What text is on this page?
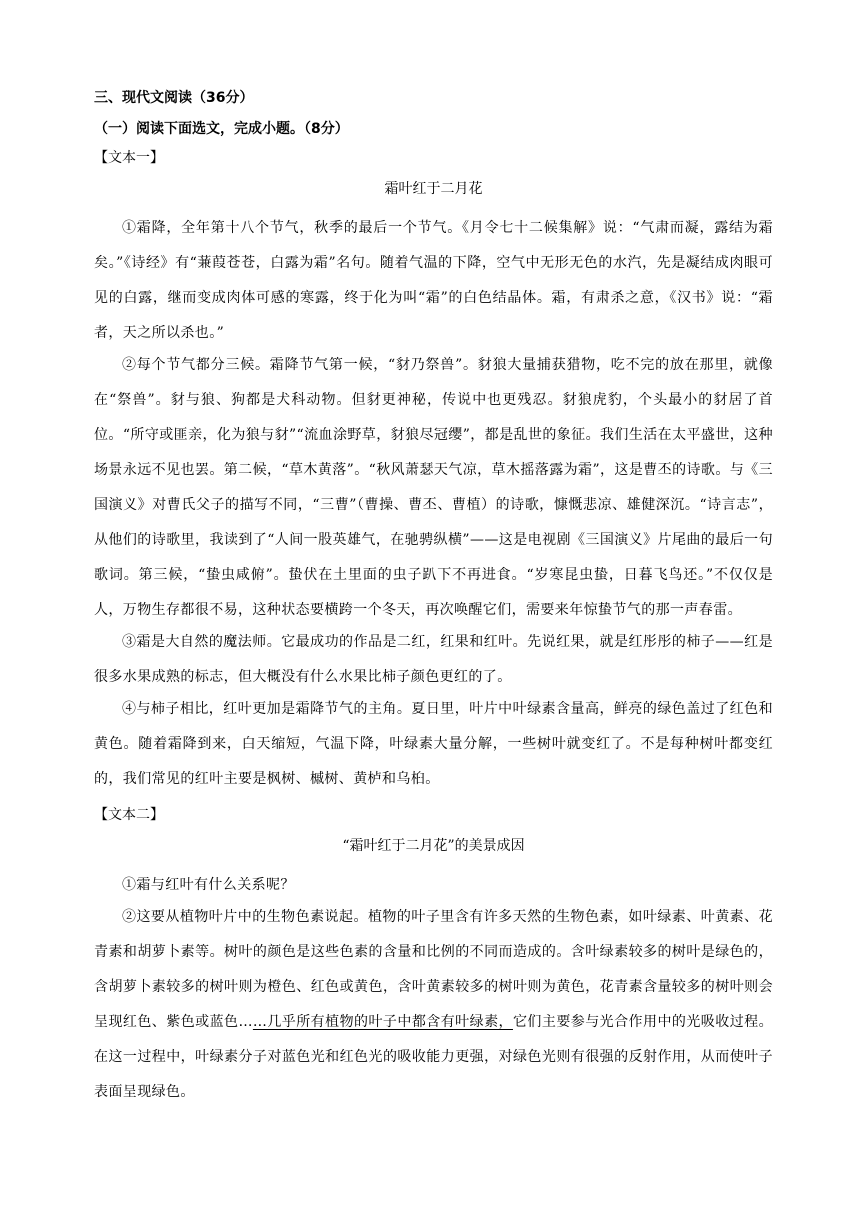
三、现代文阅读（36分）
（一）阅读下面选文，完成小题。（8分）
【文本一】
霜叶红于二月花

①霜降，全年第十八个节气，秋季的最后一个节气。《月令七十二候集解》说：“气肃而凝，露结为霜矣。”《诗经》有“蒹葭苍苍，白露为霜”名句。随着气温的下降，空气中无形无色的水汽，先是凝结成肉眼可见的白露，继而变成肉体可感的寒露，终于化为叫“霜”的白色结晶体。霜，有肃杀之意，《汉书》说：“霜者，天之所以杀也。”

②每个节气都分三候。霜降节气第一候，“豺乃祭兽”。豺狼大量捕获猎物，吃不完的放在那里，就像在“祭兽”。豺与狼、狗都是犬科动物。但豺更神秘，传说中也更残忍。豺狼虎豹，个头最小的豺居了首位。“所守或匪亲，化为狼与豺”“流血涂野草，豺狼尽冠缨”，都是乱世的象征。我们生活在太平盛世，这种场景永远不见也罢。第二候，“草木黄落”。“秋风萧瑟天气凉，草木摇落露为霜”，这是曹丕的诗歌。与《三国演义》对曹氏父子的描写不同，“三曹”（曹操、曹丕、曹植）的诗歌，慷慨悲凉、雄健深沉。“诗言志”，从他们的诗歌里，我读到了“人间一股英雄气，在驰骋纵横”——这是电视剧《三国演义》片尾曲的最后一句歌词。第三候，“蛰虫咸俯”。蛰伏在土里面的虫子趴下不再进食。“岁寒昆虫蛰，日暮飞鸟还。”不仅仅是人，万物生存都很不易，这种状态要横跨一个冬天，再次唤醒它们，需要来年惊蛰节气的那一声春雷。

③霜是大自然的魔法师。它最成功的作品是二红，红果和红叶。先说红果，就是红彤彤的柿子——红是很多水果成熟的标志，但大概没有什么水果比柿子颜色更红的了。

④与柿子相比，红叶更加是霜降节气的主角。夏日里，叶片中叶绿素含量高，鲜亮的绿色盖过了红色和黄色。随着霜降到来，白天缩短，气温下降，叶绿素大量分解，一些树叶就变红了。不是每种树叶都变红的，我们常见的红叶主要是枫树、槭树、黄栌和乌桕。

【文本二】
“霜叶红于二月花”的美景成因

①霜与红叶有什么关系呢？

②这要从植物叶片中的生物色素说起。植物的叶子里含有许多天然的生物色素，如叶绿素、叶黄素、花青素和胡萝卜素等。树叶的颜色是这些色素的含量和比例的不同而造成的。含叶绿素较多的树叶是绿色的，含胡萝卜素较多的树叶则为橙色、红色或黄色，含叶黄素较多的树叶则为黄色，花青素含量较多的树叶则会呈现红色、紫色或蓝色……几乎所有植物的叶子中都含有叶绿素，它们主要参与光合作用中的光吸收过程。在这一过程中，叶绿素分子对蓝色光和红色光的吸收能力更强，对绿色光则有很强的反射作用，从而使叶子表面呈现绿色。
